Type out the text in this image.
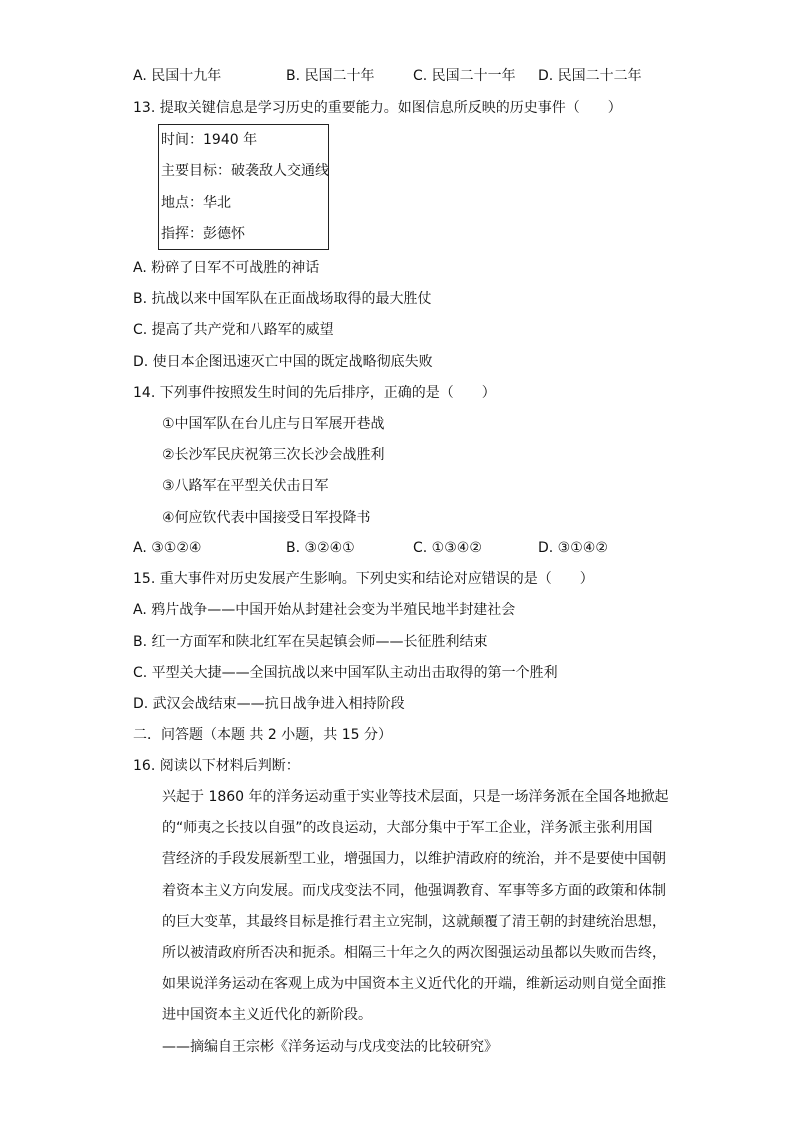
A. 民国十九年	B. 民国二十年	C. 民国二十一年 D. 民国二十二年
13. 提取关键信息是学习历史的重要能力。如图信息所反映的历史事件（　　）
时间：1940 年
主要目标：破袭敌人交通线
地点：华北
指挥：彭德怀
A. 粉碎了日军不可战胜的神话
B. 抗战以来中国军队在正面战场取得的最大胜仗
C. 提高了共产党和八路军的威望
D. 使日本企图迅速灭亡中国的既定战略彻底失败
14. 下列事件按照发生时间的先后排序，正确的是（　　）
①中国军队在台儿庄与日军展开巷战
②长沙军民庆祝第三次长沙会战胜利
③八路军在平型关伏击日军
④何应钦代表中国接受日军投降书
A. ③①②④	B. ③②④①	C. ①③④②	D. ③①④②
15. 重大事件对历史发展产生影响。下列史实和结论对应错误的是（　　）
A. 鸦片战争——中国开始从封建社会变为半殖民地半封建社会
B. 红一方面军和陕北红军在吴起镇会师——长征胜利结束
C. 平型关大捷——全国抗战以来中国军队主动出击取得的第一个胜利
D. 武汉会战结束——抗日战争进入相持阶段
二．问答题（本题 共 2 小题，共 15 分）
16. 阅读以下材料后判断：
兴起于 1860 年的洋务运动重于实业等技术层面，只是一场洋务派在全国各地掀起
的“师夷之长技以自强”的改良运动，大部分集中于军工企业，洋务派主张利用国
营经济的手段发展新型工业，增强国力，以维护清政府的统治，并不是要使中国朝
着资本主义方向发展。而戊戌变法不同，他强调教育、军事等多方面的政策和体制
的巨大变革，其最终目标是推行君主立宪制，这就颠覆了清王朝的封建统治思想，
所以被清政府所否决和扼杀。相隔三十年之久的两次图强运动虽都以失败而告终，
如果说洋务运动在客观上成为中国资本主义近代化的开端，维新运动则自觉全面推
进中国资本主义近代化的新阶段。
——摘编自王宗彬《洋务运动与戊戌变法的比较研究》
